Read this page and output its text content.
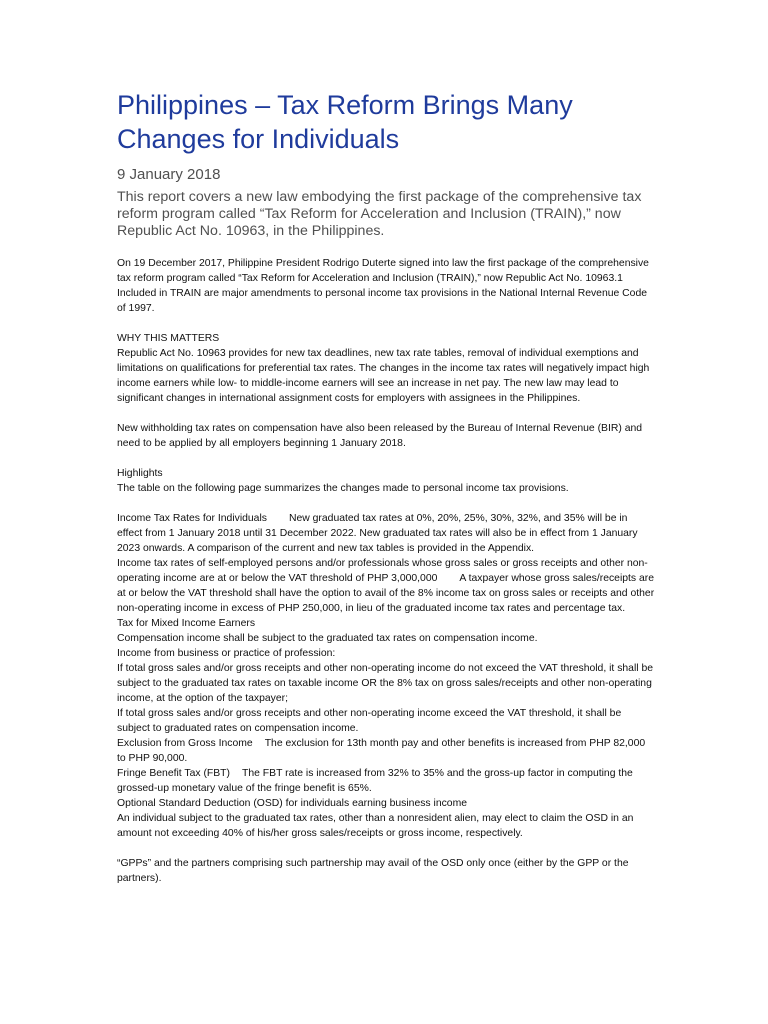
Philippines – Tax Reform Brings Many Changes for Individuals
9 January 2018
This report covers a new law embodying the first package of the comprehensive tax reform program called “Tax Reform for Acceleration and Inclusion (TRAIN),” now Republic Act No. 10963, in the Philippines.

On 19 December 2017, Philippine President Rodrigo Duterte signed into law the first package of the comprehensive tax reform program called “Tax Reform for Acceleration and Inclusion (TRAIN),” now Republic Act No. 10963.1 Included in TRAIN are major amendments to personal income tax provisions in the National Internal Revenue Code of 1997.

WHY THIS MATTERS

Republic Act No. 10963 provides for new tax deadlines, new tax rate tables, removal of individual exemptions and limitations on qualifications for preferential tax rates. The changes in the income tax rates will negatively impact high income earners while low- to middle-income earners will see an increase in net pay. The new law may lead to significant changes in international assignment costs for employers with assignees in the Philippines.

New withholding tax rates on compensation have also been released by the Bureau of Internal Revenue (BIR) and need to be applied by all employers beginning 1 January 2018.

Highlights

The table on the following page summarizes the changes made to personal income tax provisions.

Income Tax Rates for Individuals New graduated tax rates at 0%, 20%, 25%, 30%, 32%, and 35% will be in effect from 1 January 2018 until 31 December 2022. New graduated tax rates will also be in effect from 1 January 2023 onwards. A comparison of the current and new tax tables is provided in the Appendix.

Income tax rates of self-employed persons and/or professionals whose gross sales or gross receipts and other non-operating income are at or below the VAT threshold of PHP 3,000,000 A taxpayer whose gross sales/receipts are at or below the VAT threshold shall have the option to avail of the 8% income tax on gross sales or receipts and other non-operating income in excess of PHP 250,000, in lieu of the graduated income tax rates and percentage tax.

Tax for Mixed Income Earners

Compensation income shall be subject to the graduated tax rates on compensation income.

Income from business or practice of profession:

If total gross sales and/or gross receipts and other non-operating income do not exceed the VAT threshold, it shall be subject to the graduated tax rates on taxable income OR the 8% tax on gross sales/receipts and other non-operating income, at the option of the taxpayer;

If total gross sales and/or gross receipts and other non-operating income exceed the VAT threshold, it shall be subject to graduated rates on compensation income.

Exclusion from Gross Income The exclusion for 13th month pay and other benefits is increased from PHP 82,000 to PHP 90,000.

Fringe Benefit Tax (FBT) The FBT rate is increased from 32% to 35% and the gross-up factor in computing the grossed-up monetary value of the fringe benefit is 65%.

Optional Standard Deduction (OSD) for individuals earning business income

An individual subject to the graduated tax rates, other than a nonresident alien, may elect to claim the OSD in an amount not exceeding 40% of his/her gross sales/receipts or gross income, respectively.

“GPPs” and the partners comprising such partnership may avail of the OSD only once (either by the GPP or the partners).
